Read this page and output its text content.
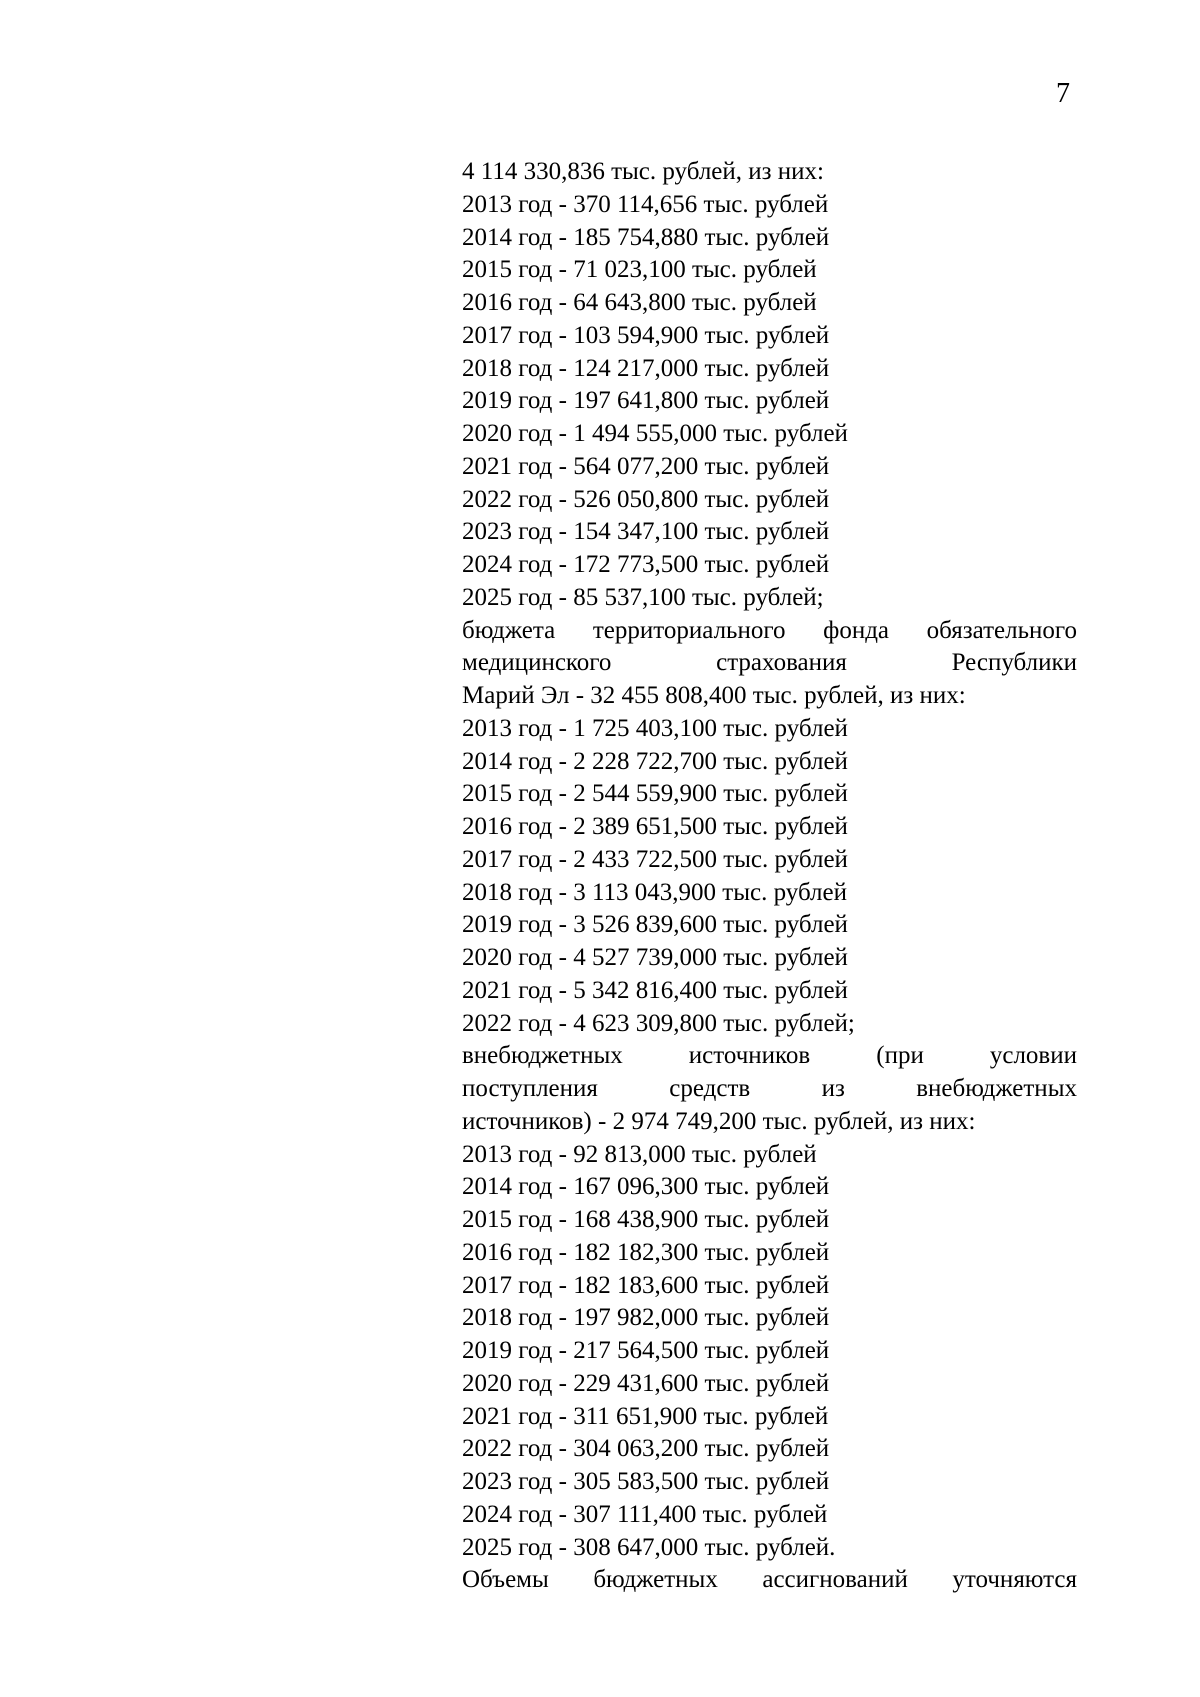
7
4 114 330,836 тыс. рублей, из них:
2013 год - 370 114,656 тыс. рублей
2014 год - 185 754,880 тыс. рублей
2015 год - 71 023,100 тыс. рублей
2016 год - 64 643,800 тыс. рублей
2017 год - 103 594,900 тыс. рублей
2018 год - 124 217,000 тыс. рублей
2019 год - 197 641,800 тыс. рублей
2020 год - 1 494 555,000 тыс. рублей
2021 год - 564 077,200 тыс. рублей
2022 год - 526 050,800 тыс. рублей
2023 год - 154 347,100 тыс. рублей
2024 год - 172 773,500 тыс. рублей
2025 год - 85 537,100 тыс. рублей;
бюджета территориального фонда обязательного
медицинского страхования Республики
Марий Эл - 32 455 808,400 тыс. рублей, из них:
2013 год - 1 725 403,100 тыс. рублей
2014 год - 2 228 722,700 тыс. рублей
2015 год - 2 544 559,900 тыс. рублей
2016 год - 2 389 651,500 тыс. рублей
2017 год - 2 433 722,500 тыс. рублей
2018 год - 3 113 043,900 тыс. рублей
2019 год - 3 526 839,600 тыс. рублей
2020 год - 4 527 739,000 тыс. рублей
2021 год - 5 342 816,400 тыс. рублей
2022 год - 4 623 309,800 тыс. рублей;
внебюджетных источников (при условии
поступления средств из внебюджетных
источников) - 2 974 749,200 тыс. рублей, из них:
2013 год - 92 813,000 тыс. рублей
2014 год - 167 096,300 тыс. рублей
2015 год - 168 438,900 тыс. рублей
2016 год - 182 182,300 тыс. рублей
2017 год - 182 183,600 тыс. рублей
2018 год - 197 982,000 тыс. рублей
2019 год - 217 564,500 тыс. рублей
2020 год - 229 431,600 тыс. рублей
2021 год - 311 651,900 тыс. рублей
2022 год - 304 063,200 тыс. рублей
2023 год - 305 583,500 тыс. рублей
2024 год - 307 111,400 тыс. рублей
2025 год - 308 647,000 тыс. рублей.
Объемы бюджетных ассигнований уточняются
